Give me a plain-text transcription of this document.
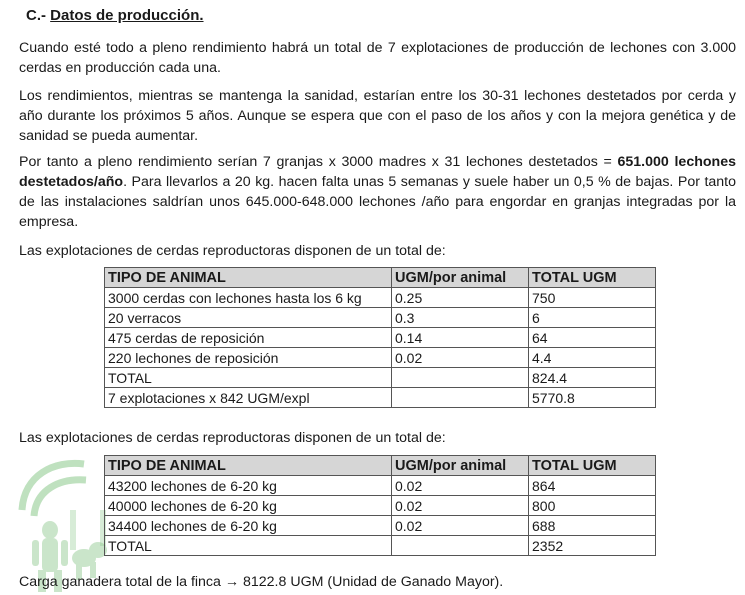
C.- Datos de producción.

Cuando esté todo a pleno rendimiento habrá un total de 7 explotaciones de producción de lechones con 3.000 cerdas en producción cada una.

Los rendimientos, mientras se mantenga la sanidad, estarían entre los 30-31 lechones destetados por cerda y año durante los próximos 5 años. Aunque se espera que con el paso de los años y con la mejora genética y de sanidad se pueda aumentar.

Por tanto a pleno rendimiento serían 7 granjas x 3000 madres x 31 lechones destetados = 651.000 lechones destetados/año. Para llevarlos a 20 kg. hacen falta unas 5 semanas y suele haber un 0,5 % de bajas. Por tanto de las instalaciones saldrían unos 645.000-648.000 lechones /año para engordar en granjas integradas por la empresa.

Las explotaciones de cerdas reproductoras disponen de un total de:
TIPO DE ANIMAL	UGM/por animal	TOTAL UGM
3000 cerdas con lechones hasta los 6 kg	0.25	750
20 verracos	0.3	6
475 cerdas de reposición	0.14	64
220 lechones de reposición	0.02	4.4
TOTAL		824.4
7 explotaciones x 842 UGM/expl		5770.8
Las explotaciones de cerdas reproductoras disponen de un total de:
TIPO DE ANIMAL	UGM/por animal	TOTAL UGM
43200 lechones de 6-20 kg	0.02	864
40000 lechones de 6-20 kg	0.02	800
34400 lechones de 6-20 kg	0.02	688
TOTAL		2352
Carga ganadera total de la finca → 8122.8 UGM (Unidad de Ganado Mayor).
